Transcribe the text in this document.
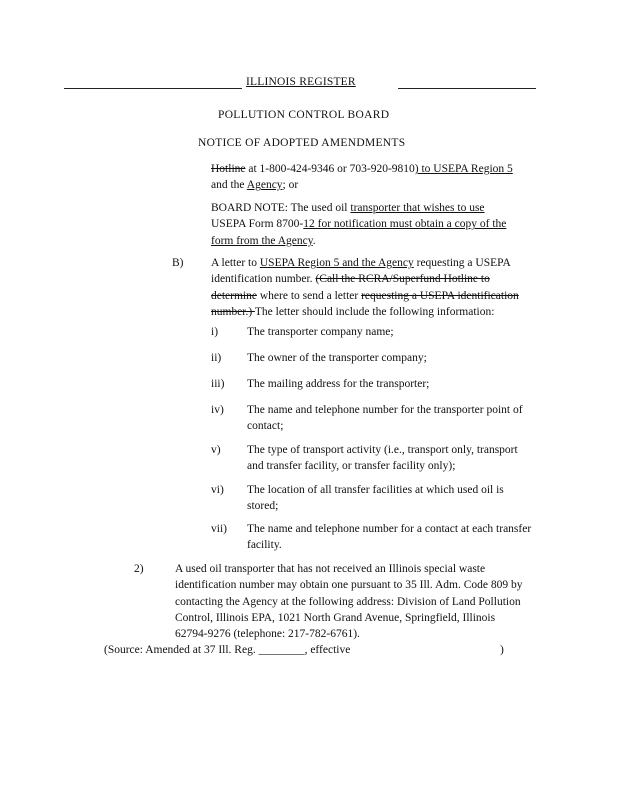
ILLINOIS REGISTER
POLLUTION CONTROL BOARD
NOTICE OF ADOPTED AMENDMENTS
Hotline at 1-800-424-9346 or 703-920-9810) to USEPA Region 5
and the Agency; or
BOARD NOTE: The used oil transporter that wishes to use
USEPA Form 8700-12 for notification must obtain a copy of the
form from the Agency.
B) A letter to USEPA Region 5 and the Agency requesting a USEPA
identification number. (Call the RCRA/Superfund Hotline to
determine where to send a letter requesting a USEPA identification
number.) The letter should include the following information:
i)	The transporter company name;
ii) The owner of the transporter company;
iii) The mailing address for the transporter;
iv) The name and telephone number for the transporter point of
contact;
v) The type of transport activity (i.e., transport only, transport
and transfer facility, or transfer facility only);
vi) The location of all transfer facilities at which used oil is
stored;
vii) The name and telephone number for a contact at each transfer
facility.
2)	A used oil transporter that has not received an Illinois special waste
identification number may obtain one pursuant to 35 Ill. Adm. Code 809 by
contacting the Agency at the following address: Division of Land Pollution
Control, Illinois EPA, 1021 North Grand Avenue, Springfield, Illinois
62794-9276 (telephone: 217-782-6761).
(Source: Amended at 37 Ill. Reg. ________, effective	)
